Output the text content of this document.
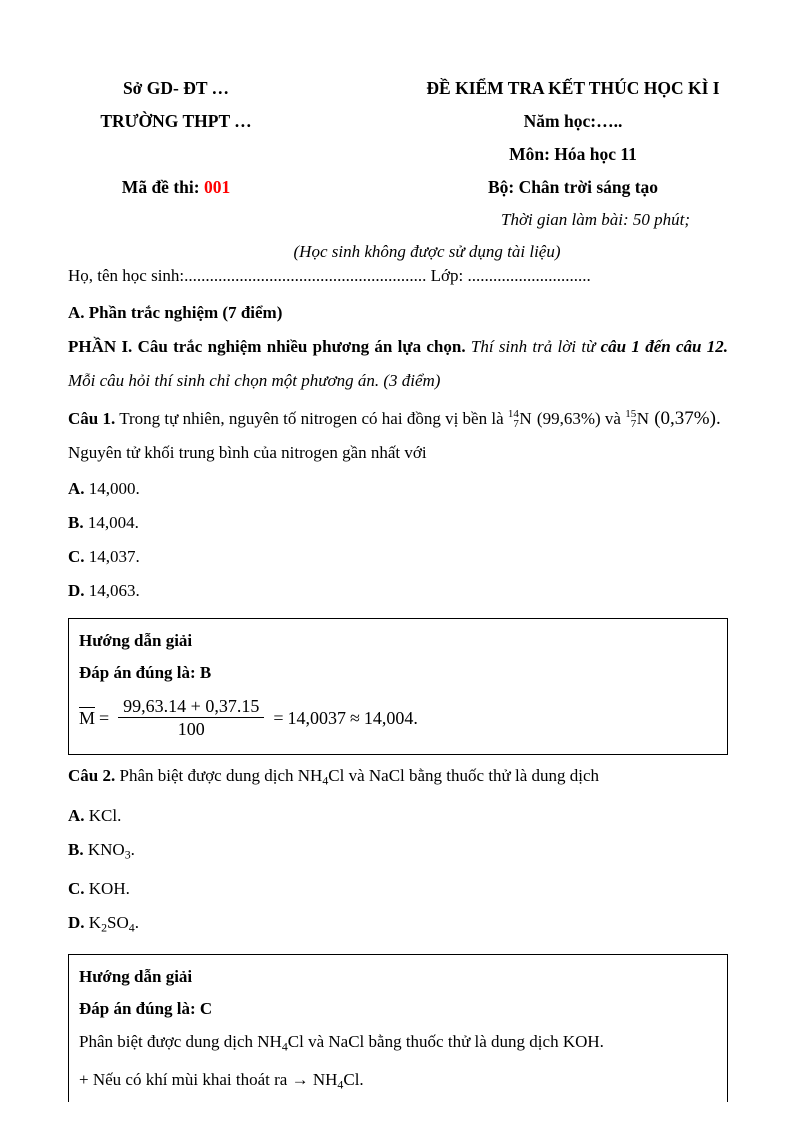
Sở GD- ĐT …	ĐỀ KIỂM TRA KẾT THÚC HỌC KÌ I
TRƯỜNG THPT …	Năm học:…..

Môn: Hóa học 11
Mã đề thi: 001	Bộ: Chân trời sáng tạo
Thời gian làm bài: 50 phút;
(Học sinh không được sử dụng tài liệu)
Họ, tên học sinh:......................................................... Lớp: .............................
A. Phần trắc nghiệm (7 điểm)
PHẦN I. Câu trắc nghiệm nhiều phương án lựa chọn. Thí sinh trả lời từ câu 1 đến câu 12. Mỗi câu hỏi thí sinh chỉ chọn một phương án. (3 điểm)
Câu 1. Trong tự nhiên, nguyên tố nitrogen có hai đồng vị bền là 14
7 N (99,63%) và 15
7 N (0,37%). Nguyên tử khối trung bình của nitrogen gần nhất với
A. 14,000.
B. 14,004.
C. 14,037.
D. 14,063.
Hướng dẫn giải
Đáp án đúng là: B
$M = \frac{99,63.14 + 0,37.15}{100} = 14,0037 \approx 14,004$.
Câu 2. Phân biệt được dung dịch $NH_4Cl$ và NaCl bằng thuốc thử là dung dịch
A. KCl.
B. $KNO_3$.
C. KOH.
D. $K_2SO_4$.
Hướng dẫn giải
Đáp án đúng là: C
Phân biệt được dung dịch $NH_4Cl$ và NaCl bằng thuốc thử là dung dịch KOH.
+ Nếu có khí mùi khai thoát ra → $NH_4Cl$.
